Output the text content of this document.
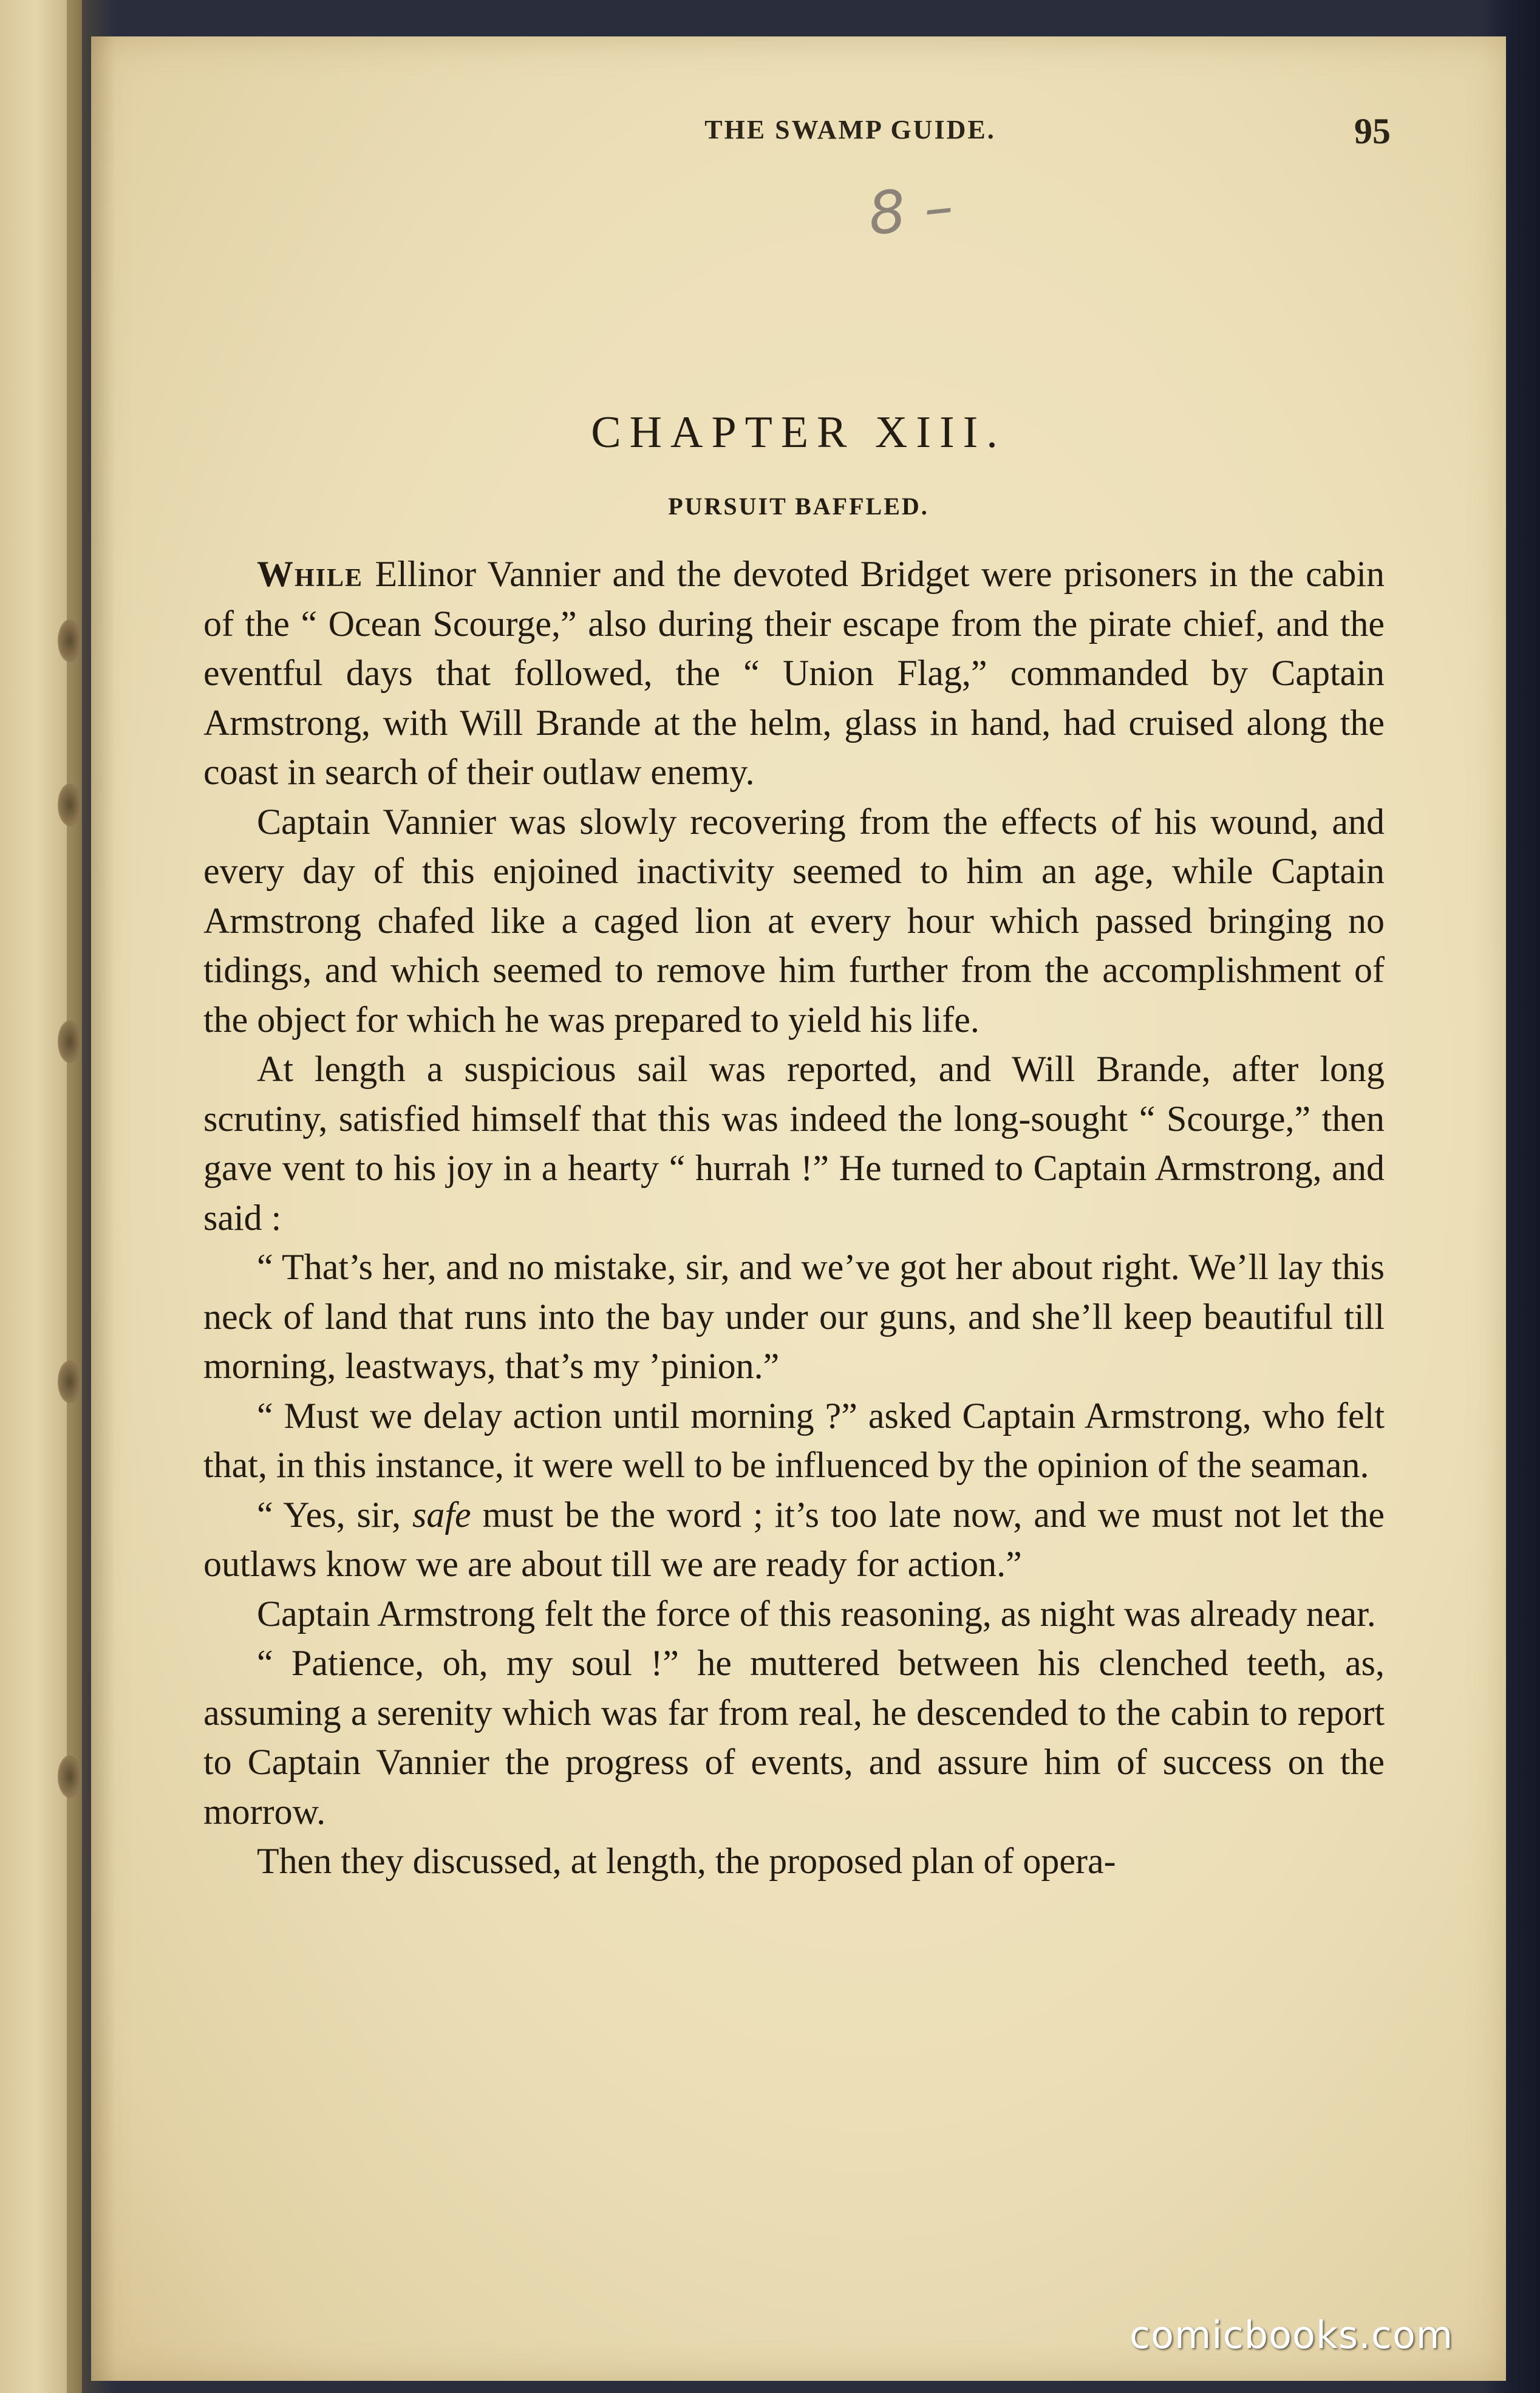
THE SWAMP GUIDE.	95
8 –
CHAPTER XIII.
PURSUIT BAFFLED.

While Ellinor Vannier and the devoted Bridget were prisoners in the cabin of the “ Ocean Scourge,” also during their escape from the pirate chief, and the eventful days that followed, the “ Union Flag,” commanded by Captain Armstrong, with Will Brande at the helm, glass in hand, had cruised along the coast in search of their outlaw enemy.

Captain Vannier was slowly recovering from the effects of his wound, and every day of this enjoined inactivity seemed to him an age, while Captain Armstrong chafed like a caged lion at every hour which passed bringing no tidings, and which seemed to remove him further from the accomplishment of the object for which he was prepared to yield his life.

At length a suspicious sail was reported, and Will Brande, after long scrutiny, satisfied himself that this was indeed the long-sought “ Scourge,” then gave vent to his joy in a hearty “ hurrah !” He turned to Captain Armstrong, and said :

“ That’s her, and no mistake, sir, and we’ve got her about right. We’ll lay this neck of land that runs into the bay under our guns, and she’ll keep beautiful till morning, leastways, that’s my ’pinion.”

“ Must we delay action until morning ?” asked Captain Armstrong, who felt that, in this instance, it were well to be influenced by the opinion of the seaman.

“ Yes, sir, safe must be the word ; it’s too late now, and we must not let the outlaws know we are about till we are ready for action.”

Captain Armstrong felt the force of this reasoning, as night was already near.

“ Patience, oh, my soul !” he muttered between his clenched teeth, as, assuming a serenity which was far from real, he descended to the cabin to report to Captain Vannier the progress of events, and assure him of success on the morrow.

Then they discussed, at length, the proposed plan of opera-

comicbooks.com
